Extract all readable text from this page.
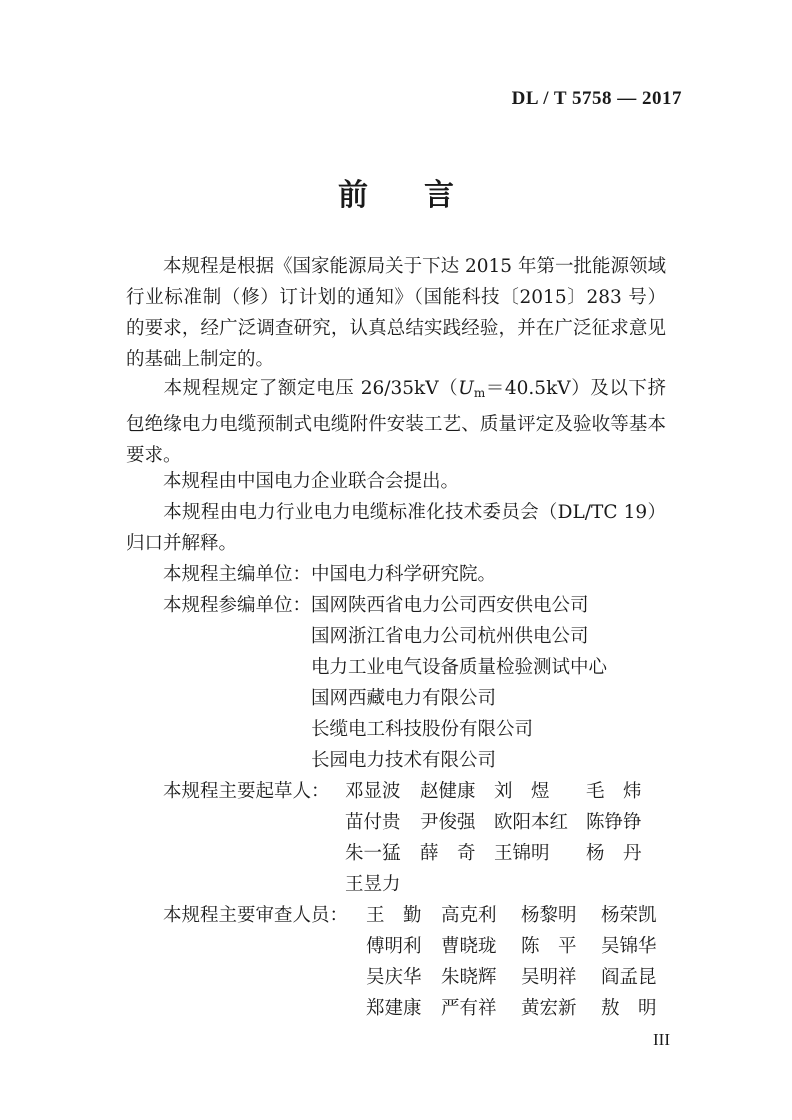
DL / T 5758 — 2017
前言
本规程是根据《国家能源局关于下达 2015 年第一批能源领域行业标准制（修）订计划的通知》（国能科技〔2015〕283 号）的要求，经广泛调查研究，认真总结实践经验，并在广泛征求意见的基础上制定的。
本规程规定了额定电压 $26/35kV(U_m=40.5kV)$及以下挤包绝缘电力电缆预制式电缆附件安装工艺、质量评定及验收等基本要求。
本规程由中国电力企业联合会提出。
本规程由电力行业电力电缆标准化技术委员会（DL/TC 19）归口并解释。
本规程主编单位：中国电力科学研究院。
本规程参编单位： 国网陕西省电力公司西安供电公司
国网浙江省电力公司杭州供电公司
电力工业电气设备质量检验测试中心
国网西藏电力有限公司
长缆电工科技股份有限公司
长园电力技术有限公司
本规程主要起草人： 邓显波 赵健康 刘　煜 毛　炜
苗付贵 尹俊强 欧阳本红 陈铮铮
朱一猛 薛　奇 王锦明 杨　丹
王昱力
本规程主要审查人员： 王　勤 高克利 杨黎明 杨荣凯
傅明利 曹晓珑 陈　平 吴锦华
吴庆华 朱晓辉 吴明祥 阎孟昆
郑建康 严有祥 黄宏新 敖　明
III
